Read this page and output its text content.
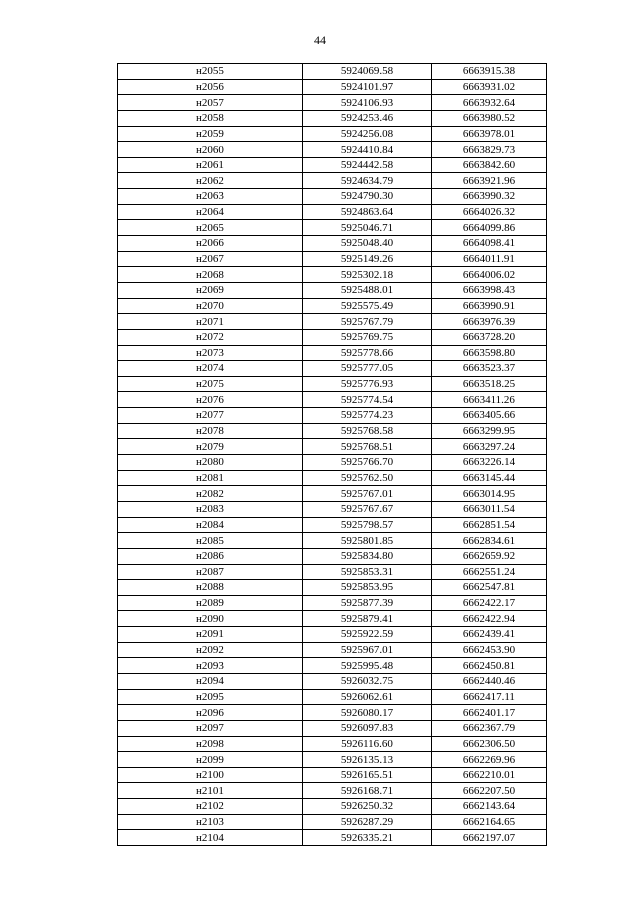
44
н2055	5924069.58	6663915.38
н2056	5924101.97	6663931.02
н2057	5924106.93	6663932.64
н2058	5924253.46	6663980.52
н2059	5924256.08	6663978.01
н2060	5924410.84	6663829.73
н2061	5924442.58	6663842.60
н2062	5924634.79	6663921.96
н2063	5924790.30	6663990.32
н2064	5924863.64	6664026.32
н2065	5925046.71	6664099.86
н2066	5925048.40	6664098.41
н2067	5925149.26	6664011.91
н2068	5925302.18	6664006.02
н2069	5925488.01	6663998.43
н2070	5925575.49	6663990.91
н2071	5925767.79	6663976.39
н2072	5925769.75	6663728.20
н2073	5925778.66	6663598.80
н2074	5925777.05	6663523.37
н2075	5925776.93	6663518.25
н2076	5925774.54	6663411.26
н2077	5925774.23	6663405.66
н2078	5925768.58	6663299.95
н2079	5925768.51	6663297.24
н2080	5925766.70	6663226.14
н2081	5925762.50	6663145.44
н2082	5925767.01	6663014.95
н2083	5925767.67	6663011.54
н2084	5925798.57	6662851.54
н2085	5925801.85	6662834.61
н2086	5925834.80	6662659.92
н2087	5925853.31	6662551.24
н2088	5925853.95	6662547.81
н2089	5925877.39	6662422.17
н2090	5925879.41	6662422.94
н2091	5925922.59	6662439.41
н2092	5925967.01	6662453.90
н2093	5925995.48	6662450.81
н2094	5926032.75	6662440.46
н2095	5926062.61	6662417.11
н2096	5926080.17	6662401.17
н2097	5926097.83	6662367.79
н2098	5926116.60	6662306.50
н2099	5926135.13	6662269.96
н2100	5926165.51	6662210.01
н2101	5926168.71	6662207.50
н2102	5926250.32	6662143.64
н2103	5926287.29	6662164.65
н2104	5926335.21	6662197.07
